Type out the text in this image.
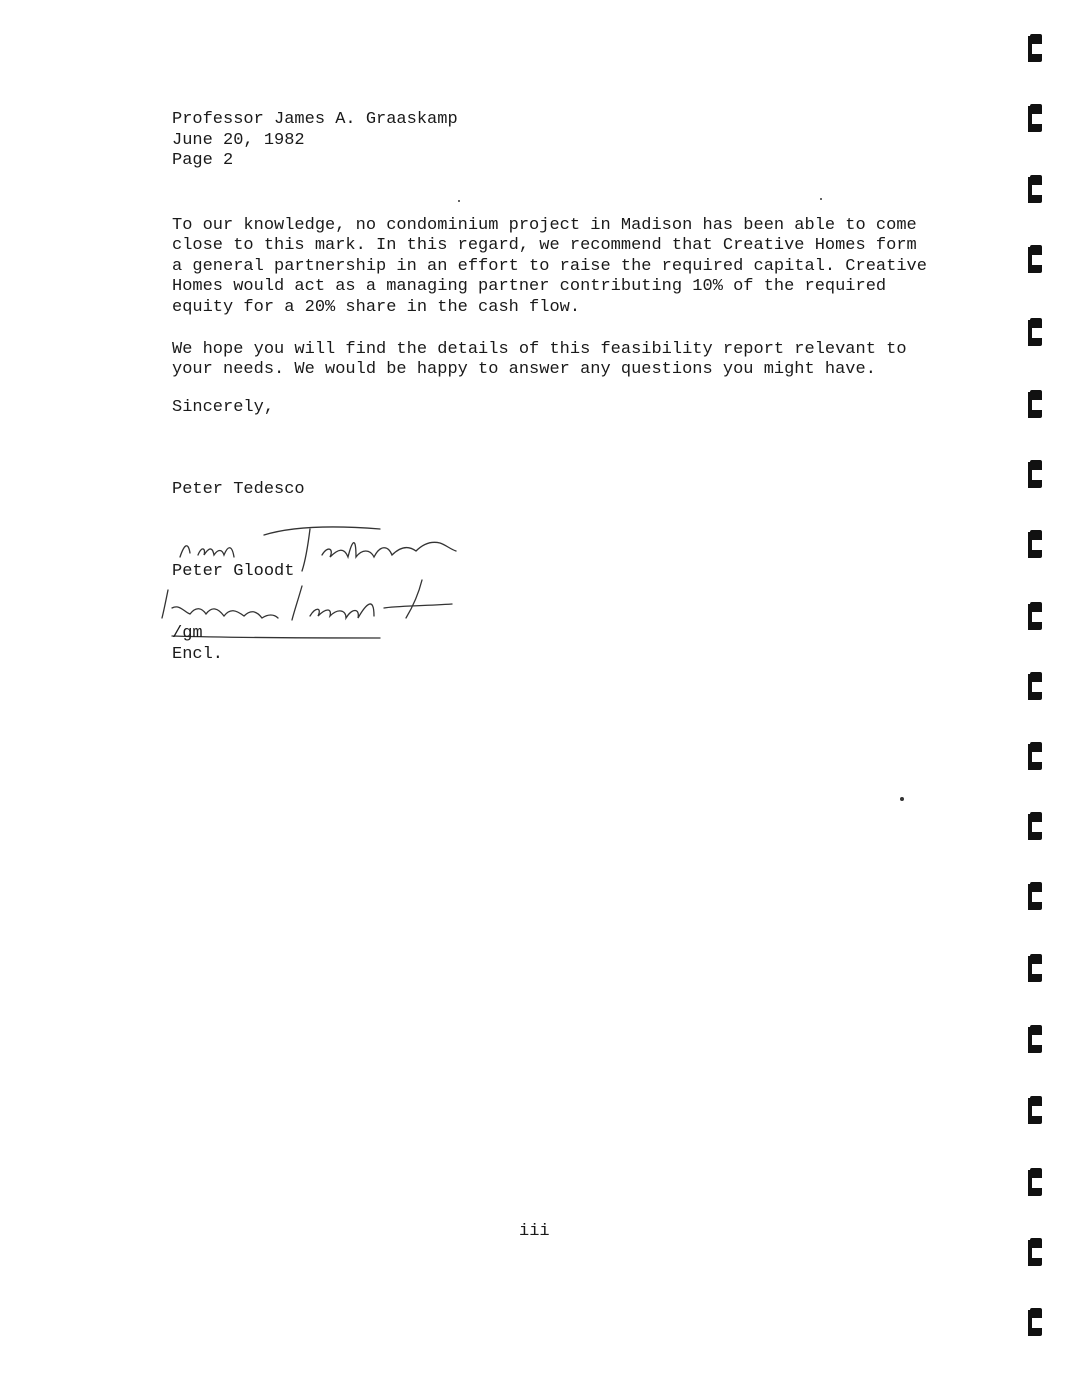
Professor James A. Graaskamp
June 20, 1982
Page 2
To our knowledge, no condominium project in Madison has been able to come
close to this mark. In this regard, we recommend that Creative Homes form
a general partnership in an effort to raise the required capital. Creative
Homes would act as a managing partner contributing 10% of the required
equity for a 20% share in the cash flow.
We hope you will find the details of this feasibility report relevant to
your needs. We would be happy to answer any questions you might have.
Sincerely,
Peter Tedesco
Peter Gloodt
/gm
Encl.
iii
